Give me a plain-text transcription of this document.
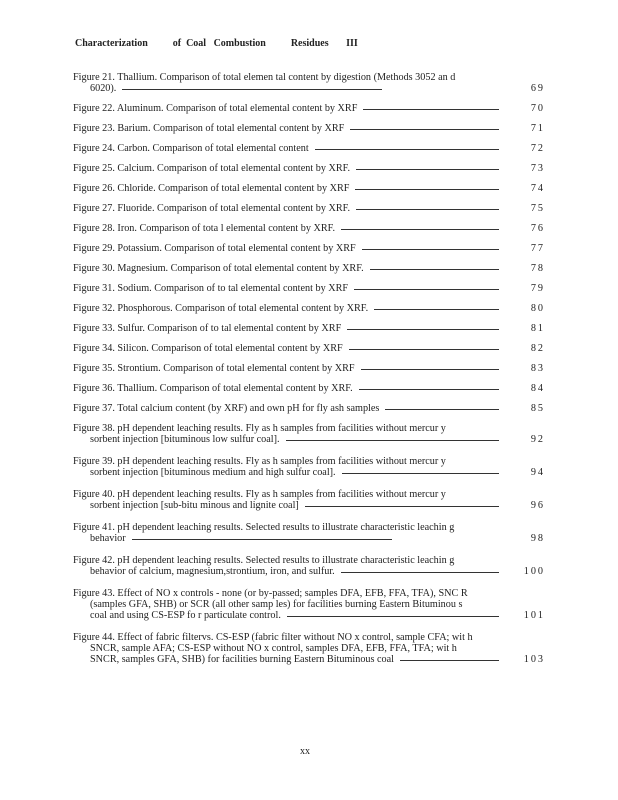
Characterization          of  Coal   Combustion          Residues       III
Figure 21. Thallium. Comparison of total elemen tal content by digestion (Methods 3052 an d
6020).	69
Figure 22. Aluminum. Comparison of total elemental content by XRF	70
Figure 23. Barium. Comparison of total elemental content by XRF	71
Figure 24. Carbon. Comparison of total elemental content	72
Figure 25. Calcium. Comparison of total elemental content by XRF.	73
Figure 26. Chloride. Comparison of total elemental content by XRF	74
Figure 27. Fluoride. Comparison of total elemental content by XRF.	75
Figure 28. Iron. Comparison of tota l elemental content by XRF.	76
Figure 29. Potassium. Comparison of total elemental content by XRF	77
Figure 30. Magnesium. Comparison of total elemental content by XRF.	78
Figure 31. Sodium. Comparison of to tal elemental content by XRF	79
Figure 32. Phosphorous. Comparison of total elemental content by XRF.	80
Figure 33. Sulfur. Comparison of to tal elemental content by XRF	81
Figure 34. Silicon. Comparison of total elemental content by XRF	82
Figure 35. Strontium. Comparison of total elemental content by XRF	83
Figure 36. Thallium. Comparison of total elemental content by XRF.	84
Figure 37. Total calcium content (by XRF) and own pH for fly ash samples	85
Figure 38. pH dependent leaching results. Fly as h samples from facilities without mercur y
sorbent injection [bituminous low sulfur coal].	92
Figure 39. pH dependent leaching results. Fly as h samples from facilities without mercur y
sorbent injection [bituminous medium and high sulfur coal].	94
Figure 40. pH dependent leaching results. Fly as h samples from facilities without mercur y
sorbent injection [sub-bitu minous and lignite coal]	96
Figure 41. pH dependent leaching results. Selected results to illustrate characteristic leachin g
behavior	98
Figure 42. pH dependent leaching results. Selected results to illustrate characteristic leachin g
behavior of calcium, magnesium,strontium, iron, and sulfur.	100
Figure 43. Effect of NO x controls - none (or by-passed; samples DFA, EFB, FFA, TFA), SNC R
(samples GFA, SHB) or SCR (all other samp les) for facilities burning Eastern Bituminou s
coal and using CS-ESP fo r particulate control.	101
Figure 44. Effect of fabric filtervs. CS-ESP (fabric filter without NO x control, sample CFA; wit h
SNCR, sample AFA; CS-ESP without NO x control, samples DFA, EFB, FFA, TFA; wit h
SNCR, samples GFA, SHB) for facilities burning Eastern Bituminous coal	103
xx
